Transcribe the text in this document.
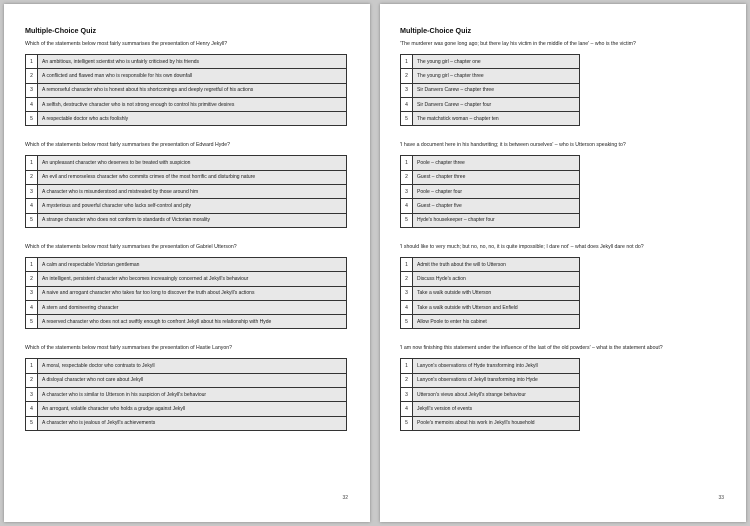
Multiple-Choice Quiz
Which of the statements below most fairly summarises the presentation of Henry Jekyll?
1	An ambitious, intelligent scientist who is unfairly criticised by his friends
2	A conflicted and flawed man who is responsible for his own downfall
3	A remorseful character who is honest about his shortcomings and deeply regretful of his actions
4	A selfish, destructive character who is not strong enough to control his primitive desires
5	A respectable doctor who acts foolishly
Which of the statements below most fairly summarises the presentation of Edward Hyde?
1	An unpleasant character who deserves to be treated with suspicion
2	An evil and remorseless character who commits crimes of the most horrific and disturbing nature
3	A character who is misunderstood and mistreated by those around him
4	A mysterious and powerful character who lacks self-control and pity
5	A strange character who does not conform to standards of Victorian morality
Which of the statements below most fairly summarises the presentation of Gabriel Utterson?
1	A calm and respectable Victorian gentleman
2	An intelligent, persistent character who becomes increasingly concerned at Jekyll's behaviour
3	A naive and arrogant character who takes far too long to discover the truth about Jekyll's actions
4	A stern and domineering character
5	A reserved character who does not act swiftly enough to confront Jekyll about his relationship with Hyde
Which of the statements below most fairly summarises the presentation of Hastie Lanyon?
1	A moral, respectable doctor who contrasts to Jekyll
2	A disloyal character who not care about Jekyll
3	A character who is similar to Utterson in his suspicion of Jekyll's behaviour
4	An arrogant, volatile character who holds a grudge against Jekyll
5	A character who is jealous of Jekyll's achievements
32
Multiple-Choice Quiz
'The murderer was gone long ago; but there lay his victim in the middle of the lane' – who is the victim?
1	The young girl – chapter one
2	The young girl – chapter three
3	Sir Danvers Carew – chapter three
4	Sir Danvers Carew – chapter four
5	The matchstick woman – chapter ten
'I have a document here in his handwriting; it is between ourselves' – who is Utterson speaking to?
1	Poole – chapter three
2	Guest – chapter three
3	Poole – chapter four
4	Guest – chapter five
5	Hyde's housekeeper – chapter four
'I should like to very much; but no, no, no, it is quite impossible; I dare not' – what does Jekyll dare not do?
1	Admit the truth about the will to Utterson
2	Discuss Hyde's action
3	Take a walk outside with Utterson
4	Take a walk outside with Utterson and Enfield
5	Allow Poole to enter his cabinet
'I am now finishing this statement under the influence of the last of the old powders' – what is the statement about?
1	Lanyon's observations of Hyde transforming into Jekyll
2	Lanyon's observations of Jekyll transforming into Hyde
3	Utterson's views about Jekyll's strange behaviour
4	Jekyll's version of events
5	Poole's memoirs about his work in Jekyll's household
33
